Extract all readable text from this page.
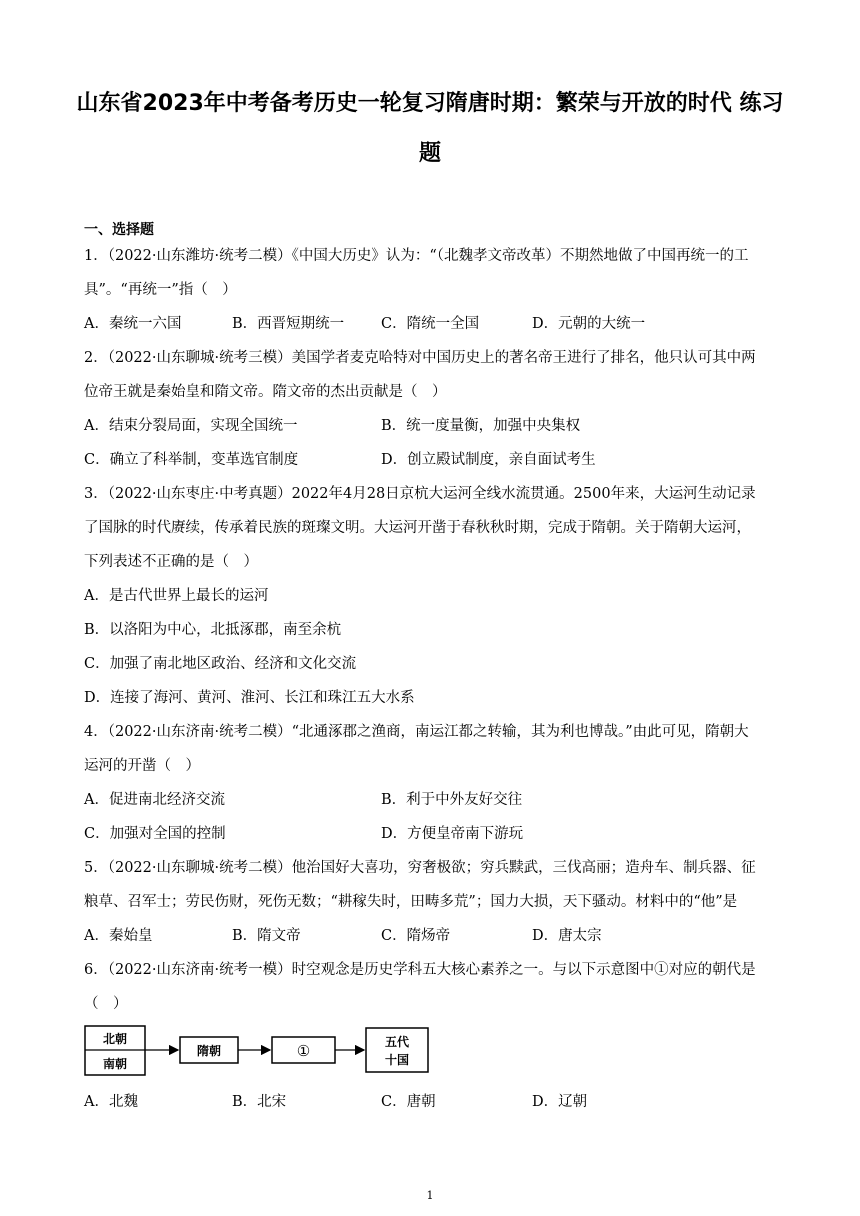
山东省2023年中考备考历史一轮复习隋唐时期：繁荣与开放的时代 练习
题
一、选择题
1．（2022·山东潍坊·统考二模）《中国大历史》认为：“（北魏孝文帝改革）不期然地做了中国再统一的工
具”。“再统一”指（　）
A．秦统一六国	B．西晋短期统一	C．隋统一全国	D．元朝的大统一
2．（2022·山东聊城·统考三模）美国学者麦克哈特对中国历史上的著名帝王进行了排名，他只认可其中两
位帝王就是秦始皇和隋文帝。隋文帝的杰出贡献是（　）
A．结束分裂局面，实现全国统一	B．统一度量衡，加强中央集权
C．确立了科举制，变革选官制度	D．创立殿试制度，亲自面试考生
3．（2022·山东枣庄·中考真题）2022年4月28日京杭大运河全线水流贯通。2500年来，大运河生动记录
了国脉的时代赓续，传承着民族的斑璨文明。大运河开凿于春秋秋时期，完成于隋朝。关于隋朝大运河，
下列表述不正确的是（　）
A．是古代世界上最长的运河
B．以洛阳为中心，北抵涿郡，南至余杭
C．加强了南北地区政治、经济和文化交流
D．连接了海河、黄河、淮河、长江和珠江五大水系
4．（2022·山东济南·统考二模）“北通涿郡之渔商，南运江都之转输，其为利也博哉。”由此可见，隋朝大
运河的开凿（　）
A．促进南北经济交流	B．利于中外友好交往
C．加强对全国的控制	D．方便皇帝南下游玩
5．（2022·山东聊城·统考二模）他治国好大喜功，穷奢极欲；穷兵黩武，三伐高丽；造舟车、制兵器、征
粮草、召军士；劳民伤财，死伤无数；“耕稼失时，田畴多荒”；国力大损，天下骚动。材料中的“他”是
A．秦始皇	B．隋文帝	C．隋炀帝	D．唐太宗
6．（2022·山东济南·统考一模）时空观念是历史学科五大核心素养之一。与以下示意图中①对应的朝代是
（　）
北朝
南朝
隋朝	①	五代
十国
A．北魏	B．北宋	C．唐朝	D．辽朝
1
